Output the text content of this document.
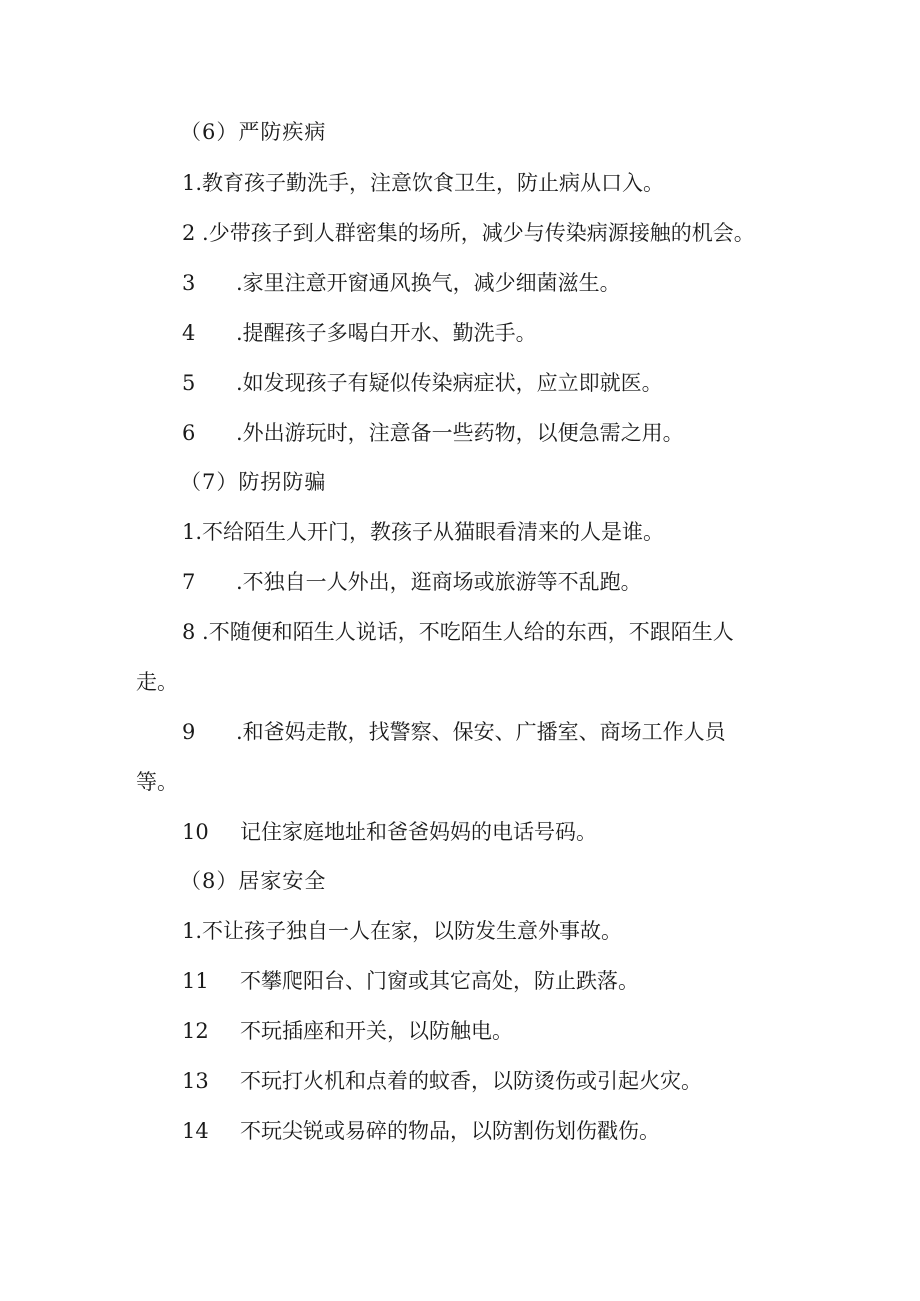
（6）严防疾病
1.教育孩子勤洗手，注意饮食卫生，防止病从口入。
2 .少带孩子到人群密集的场所，减少与传染病源接触的机会。
3 .家里注意开窗通风换气，减少细菌滋生。
4 .提醒孩子多喝白开水、勤洗手。
5 .如发现孩子有疑似传染病症状，应立即就医。
6 .外出游玩时，注意备一些药物，以便急需之用。
（7）防拐防骗
1.不给陌生人开门，教孩子从猫眼看清来的人是谁。
7 .不独自一人外出，逛商场或旅游等不乱跑。
8 .不随便和陌生人说话，不吃陌生人给的东西，不跟陌生人
走。
9 .和爸妈走散，找警察、保安、广播室、商场工作人员
等。
10 记住家庭地址和爸爸妈妈的电话号码。
（8）居家安全
1.不让孩子独自一人在家，以防发生意外事故。
11 不攀爬阳台、门窗或其它高处，防止跌落。
12 不玩插座和开关，以防触电。
13 不玩打火机和点着的蚊香，以防烫伤或引起火灾。
14 不玩尖锐或易碎的物品，以防割伤划伤戳伤。
